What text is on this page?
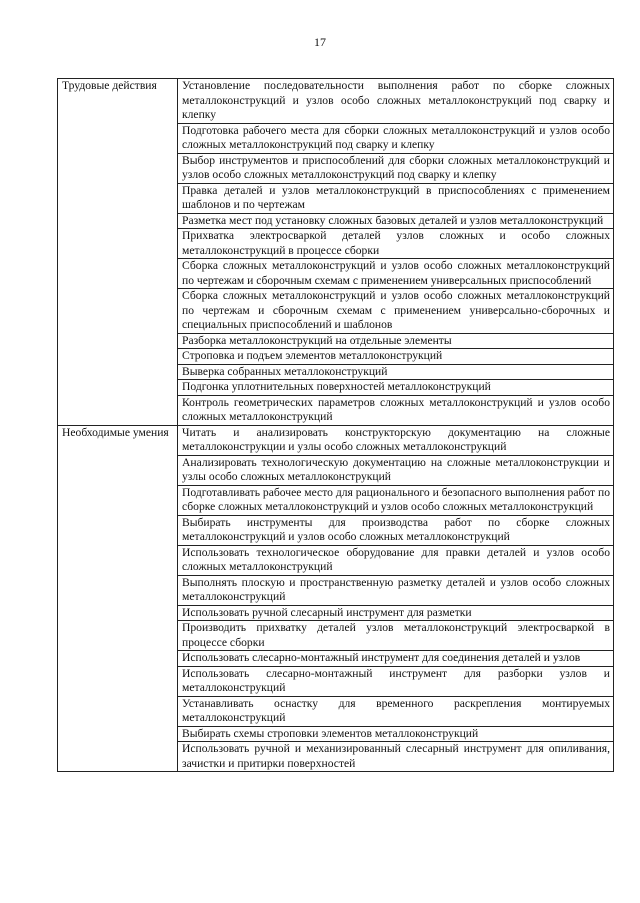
17
Трудовые действия	Установление последовательности выполнения работ по сборке сложных металлоконструкций и узлов особо сложных металлоконструкций под сварку и клепку
	Подготовка рабочего места для сборки сложных металлоконструкций и узлов особо сложных металлоконструкций под сварку и клепку
	Выбор инструментов и приспособлений для сборки сложных металлоконструкций и узлов особо сложных металлоконструкций под сварку и клепку
	Правка деталей и узлов металлоконструкций в приспособлениях с применением шаблонов и по чертежам
	Разметка мест под установку сложных базовых деталей и узлов металлоконструкций
	Прихватка электросваркой деталей узлов сложных и особо сложных металлоконструкций в процессе сборки
	Сборка сложных металлоконструкций и узлов особо сложных металлоконструкций по чертежам и сборочным схемам с применением универсальных приспособлений
	Сборка сложных металлоконструкций и узлов особо сложных металлоконструкций по чертежам и сборочным схемам с применением универсально-сборочных и специальных приспособлений и шаблонов
	Разборка металлоконструкций на отдельные элементы
	Строповка и подъем элементов металлоконструкций
	Выверка собранных металлоконструкций
	Подгонка уплотнительных поверхностей металлоконструкций
	Контроль геометрических параметров сложных металлоконструкций и узлов особо сложных металлоконструкций
Необходимые умения	Читать и анализировать конструкторскую документацию на сложные металлоконструкции и узлы особо сложных металлоконструкций
	Анализировать технологическую документацию на сложные металлоконструкции и узлы особо сложных металлоконструкций
	Подготавливать рабочее место для рационального и безопасного выполнения работ по сборке сложных металлоконструкций и узлов особо сложных металлоконструкций
	Выбирать инструменты для производства работ по сборке сложных металлоконструкций и узлов особо сложных металлоконструкций
	Использовать технологическое оборудование для правки деталей и узлов особо сложных металлоконструкций
	Выполнять плоскую и пространственную разметку деталей и узлов особо сложных металлоконструкций
	Использовать ручной слесарный инструмент для разметки
	Производить прихватку деталей узлов металлоконструкций электросваркой в процессе сборки
	Использовать слесарно-монтажный инструмент для соединения деталей и узлов
	Использовать слесарно-монтажный инструмент для разборки узлов и металлоконструкций
	Устанавливать оснастку для временного раскрепления монтируемых металлоконструкций
	Выбирать схемы строповки элементов металлоконструкций
	Использовать ручной и механизированный слесарный инструмент для опиливания, зачистки и притирки поверхностей
